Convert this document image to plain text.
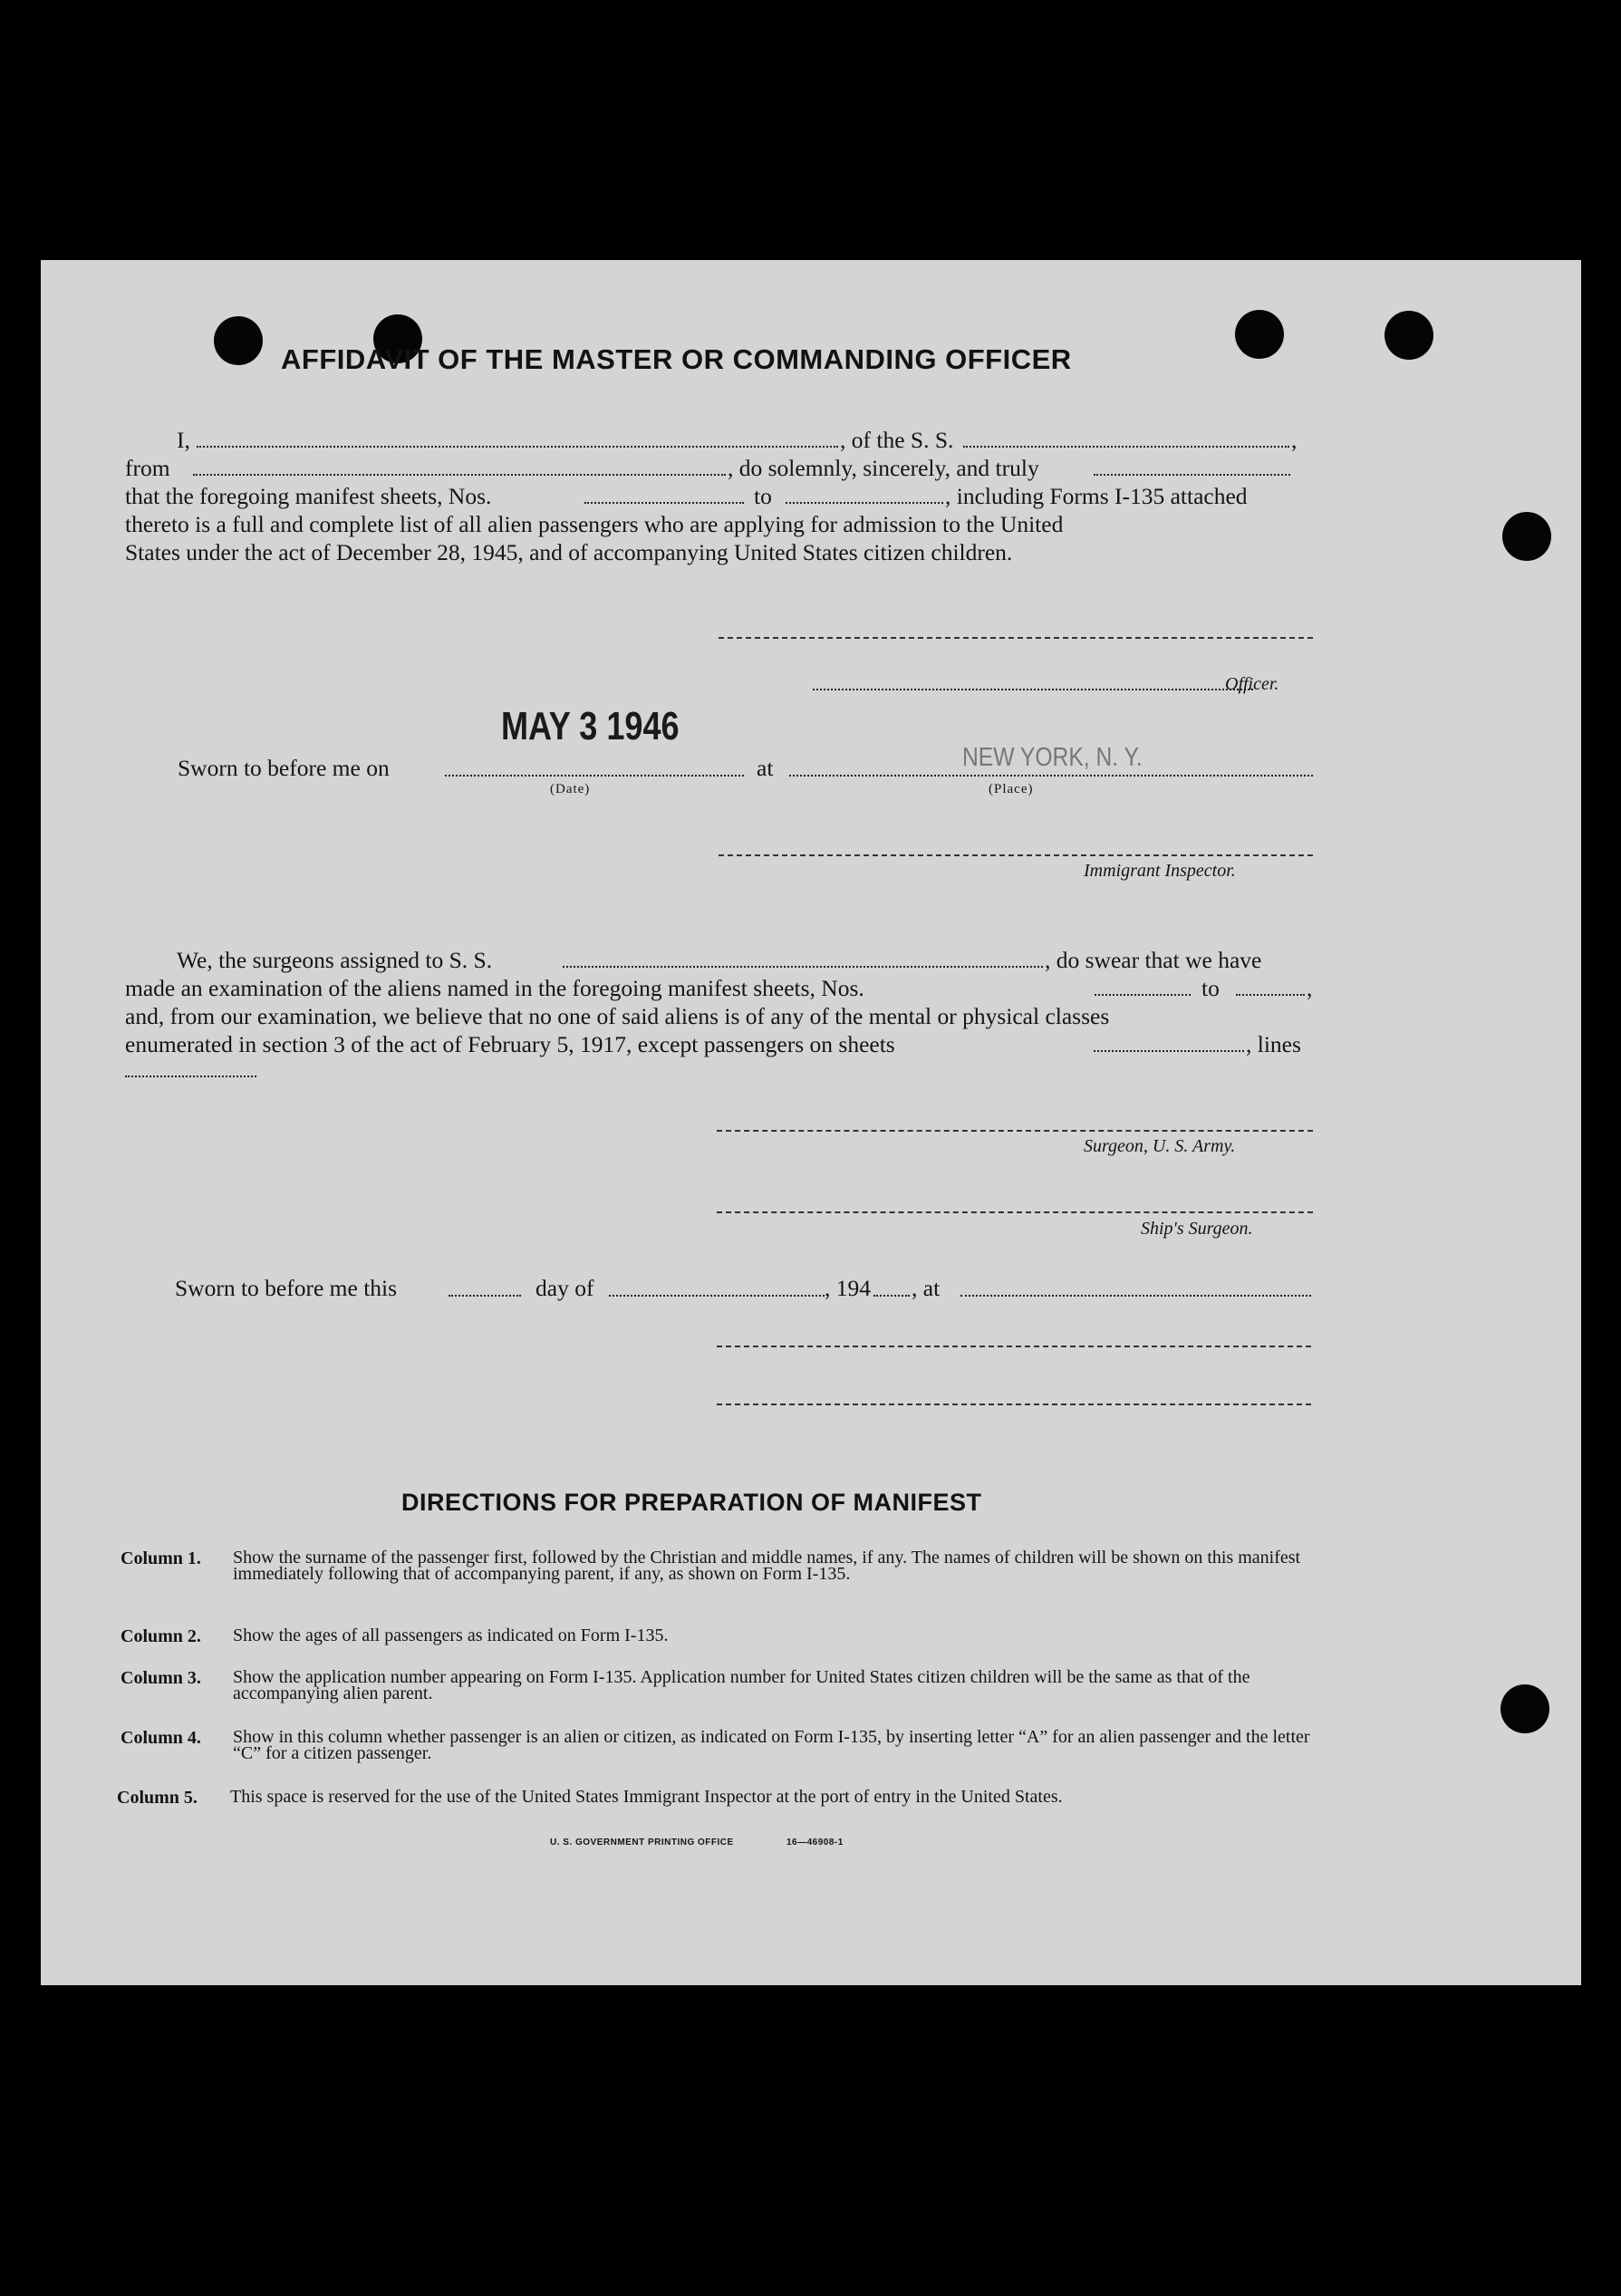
AFFIDAVIT OF THE MASTER OR COMMANDING OFFICER
I,	, of the S. S.	,
from	, do solemnly, sincerely, and truly
that the foregoing manifest sheets, Nos.	to	, including Forms I-135 attached
thereto is a full and complete list of all alien passengers who are applying for admission to the United
States under the act of December 28, 1945, and of accompanying United States citizen children.
Officer.
Sworn to before me on
MAY 3 1946
(Date)
at	NEW YORK, N. Y.
(Place)
Immigrant Inspector.
We, the surgeons assigned to S. S.	, do swear that we have
made an examination of the aliens named in the foregoing manifest sheets, Nos.	to	,
and, from our examination, we believe that no one of said aliens is of any of the mental or physical classes
enumerated in section 3 of the act of February 5, 1917, except passengers on sheets	, lines
Surgeon, U. S. Army.
Ship's Surgeon.
Sworn to before me this	day of	, 194 , at
DIRECTIONS FOR PREPARATION OF MANIFEST
Column 1. Show the surname of the passenger first, followed by the Christian and middle names, if any. The names of children will be shown on this manifest immediately following that of accompanying parent, if any, as shown on Form I-135.
Column 2. Show the ages of all passengers as indicated on Form I-135.
Column 3. Show the application number appearing on Form I-135. Application number for United States citizen children will be the same as that of the accompanying alien parent.
Column 4. Show in this column whether passenger is an alien or citizen, as indicated on Form I-135, by inserting letter “A” for an alien passenger and the letter “C” for a citizen passenger.
Column 5. This space is reserved for the use of the United States Immigrant Inspector at the port of entry in the United States.
U. S. GOVERNMENT PRINTING OFFICE	16—46908-1
